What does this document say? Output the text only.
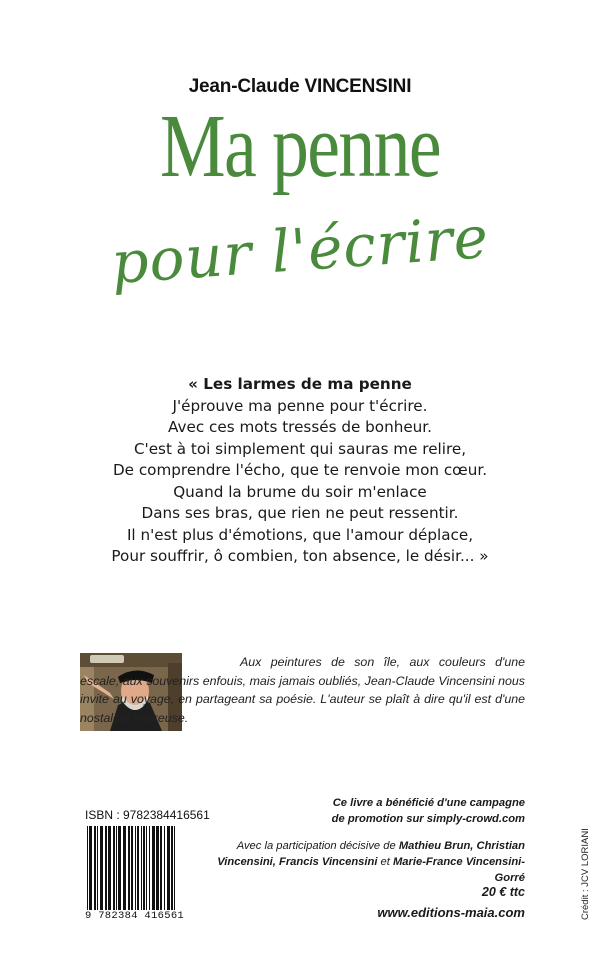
Jean-Claude VINCENSINI
Ma penne
pour l'écrire
« Les larmes de ma penne
J'éprouve ma penne pour t'écrire.
Avec ces mots tressés de bonheur.
C'est à toi simplement qui sauras me relire,
De comprendre l'écho, que te renvoie mon cœur.
Quand la brume du soir m'enlace
Dans ses bras, que rien ne peut ressentir.
Il n'est plus d'émotions, que l'amour déplace,
Pour souffrir, ô combien, ton absence, le désir... »
Aux peintures de son île, aux couleurs d'une escale, aux souvenirs enfouis, mais jamais oubliés, Jean-Claude Vincensini nous invite au voyage, en partageant sa poésie. L'auteur se plaît à dire qu'il est d'une nostalgie heureuse.
ISBN : 9782384416561
9 782384 416561
Ce livre a bénéficié d'une campagne
de promotion sur simply-crowd.com
Avec la participation décisive de Mathieu Brun, Christian Vincensini, Francis Vincensini et Marie-France Vincensini-Gorré
20 € ttc
www.editions-maia.com	Crédit : JCV LORIANI
